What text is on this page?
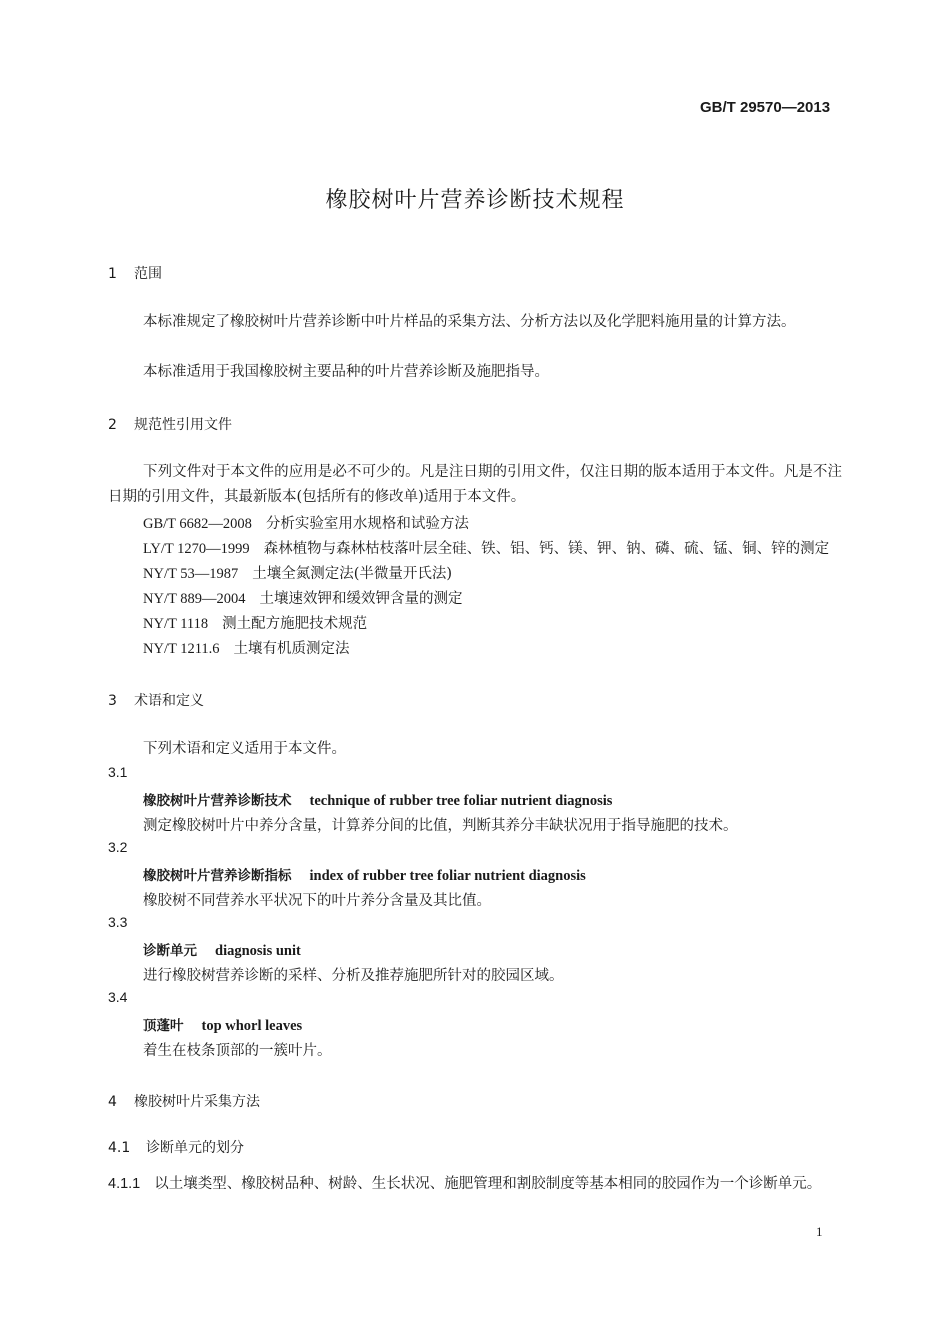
GB/T 29570—2013
橡胶树叶片营养诊断技术规程
1 范围
本标准规定了橡胶树叶片营养诊断中叶片样品的采集方法、分析方法以及化学肥料施用量的计算方法。
本标准适用于我国橡胶树主要品种的叶片营养诊断及施肥指导。
2 规范性引用文件
下列文件对于本文件的应用是必不可少的。凡是注日期的引用文件，仅注日期的版本适用于本文件。凡是不注日期的引用文件，其最新版本(包括所有的修改单)适用于本文件。
GB/T 6682—2008 分析实验室用水规格和试验方法
LY/T 1270—1999 森林植物与森林枯枝落叶层全硅、铁、铝、钙、镁、钾、钠、磷、硫、锰、铜、锌的测定
NY/T 53—1987 土壤全氮测定法(半微量开氏法)
NY/T 889—2004 土壤速效钾和缓效钾含量的测定
NY/T 1118 测土配方施肥技术规范
NY/T 1211.6 土壤有机质测定法
3 术语和定义
下列术语和定义适用于本文件。
3.1
橡胶树叶片营养诊断技术 technique of rubber tree foliar nutrient diagnosis
测定橡胶树叶片中养分含量，计算养分间的比值，判断其养分丰缺状况用于指导施肥的技术。
3.2
橡胶树叶片营养诊断指标 index of rubber tree foliar nutrient diagnosis
橡胶树不同营养水平状况下的叶片养分含量及其比值。
3.3
诊断单元 diagnosis unit
进行橡胶树营养诊断的采样、分析及推荐施肥所针对的胶园区域。
3.4
顶蓬叶 top whorl leaves
着生在枝条顶部的一簇叶片。
4 橡胶树叶片采集方法
4.1 诊断单元的划分
4.1.1 以土壤类型、橡胶树品种、树龄、生长状况、施肥管理和割胶制度等基本相同的胶园作为一个诊断单元。
1
